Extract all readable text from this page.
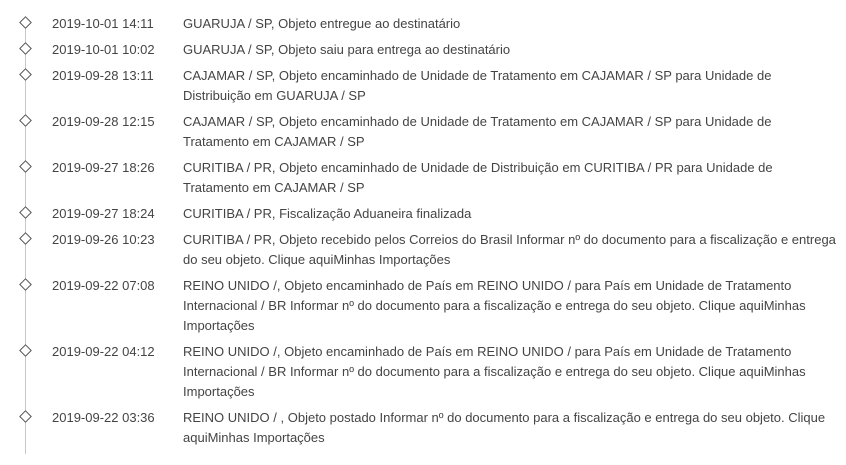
2019-10-01 14:11	GUARUJA / SP, Objeto entregue ao destinatário
2019-10-01 10:02	GUARUJA / SP, Objeto saiu para entrega ao destinatário
2019-09-28 13:11	CAJAMAR / SP, Objeto encaminhado de Unidade de Tratamento em CAJAMAR / SP para Unidade de Distribuição em GUARUJA / SP
2019-09-28 12:15	CAJAMAR / SP, Objeto encaminhado de Unidade de Tratamento em CAJAMAR / SP para Unidade de Tratamento em CAJAMAR / SP
2019-09-27 18:26	CURITIBA / PR, Objeto encaminhado de Unidade de Distribuição em CURITIBA / PR para Unidade de Tratamento em CAJAMAR / SP
2019-09-27 18:24	CURITIBA / PR, Fiscalização Aduaneira finalizada
2019-09-26 10:23	CURITIBA / PR, Objeto recebido pelos Correios do Brasil Informar nº do documento para a fiscalização e entrega do seu objeto. Clique aquiMinhas Importações
2019-09-22 07:08	REINO UNIDO /, Objeto encaminhado de País em REINO UNIDO / para País em Unidade de Tratamento Internacional / BR Informar nº do documento para a fiscalização e entrega do seu objeto. Clique aquiMinhas Importações
2019-09-22 04:12	REINO UNIDO /, Objeto encaminhado de País em REINO UNIDO / para País em Unidade de Tratamento Internacional / BR Informar nº do documento para a fiscalização e entrega do seu objeto. Clique aquiMinhas Importações
2019-09-22 03:36	REINO UNIDO / , Objeto postado Informar nº do documento para a fiscalização e entrega do seu objeto. Clique aquiMinhas Importações
